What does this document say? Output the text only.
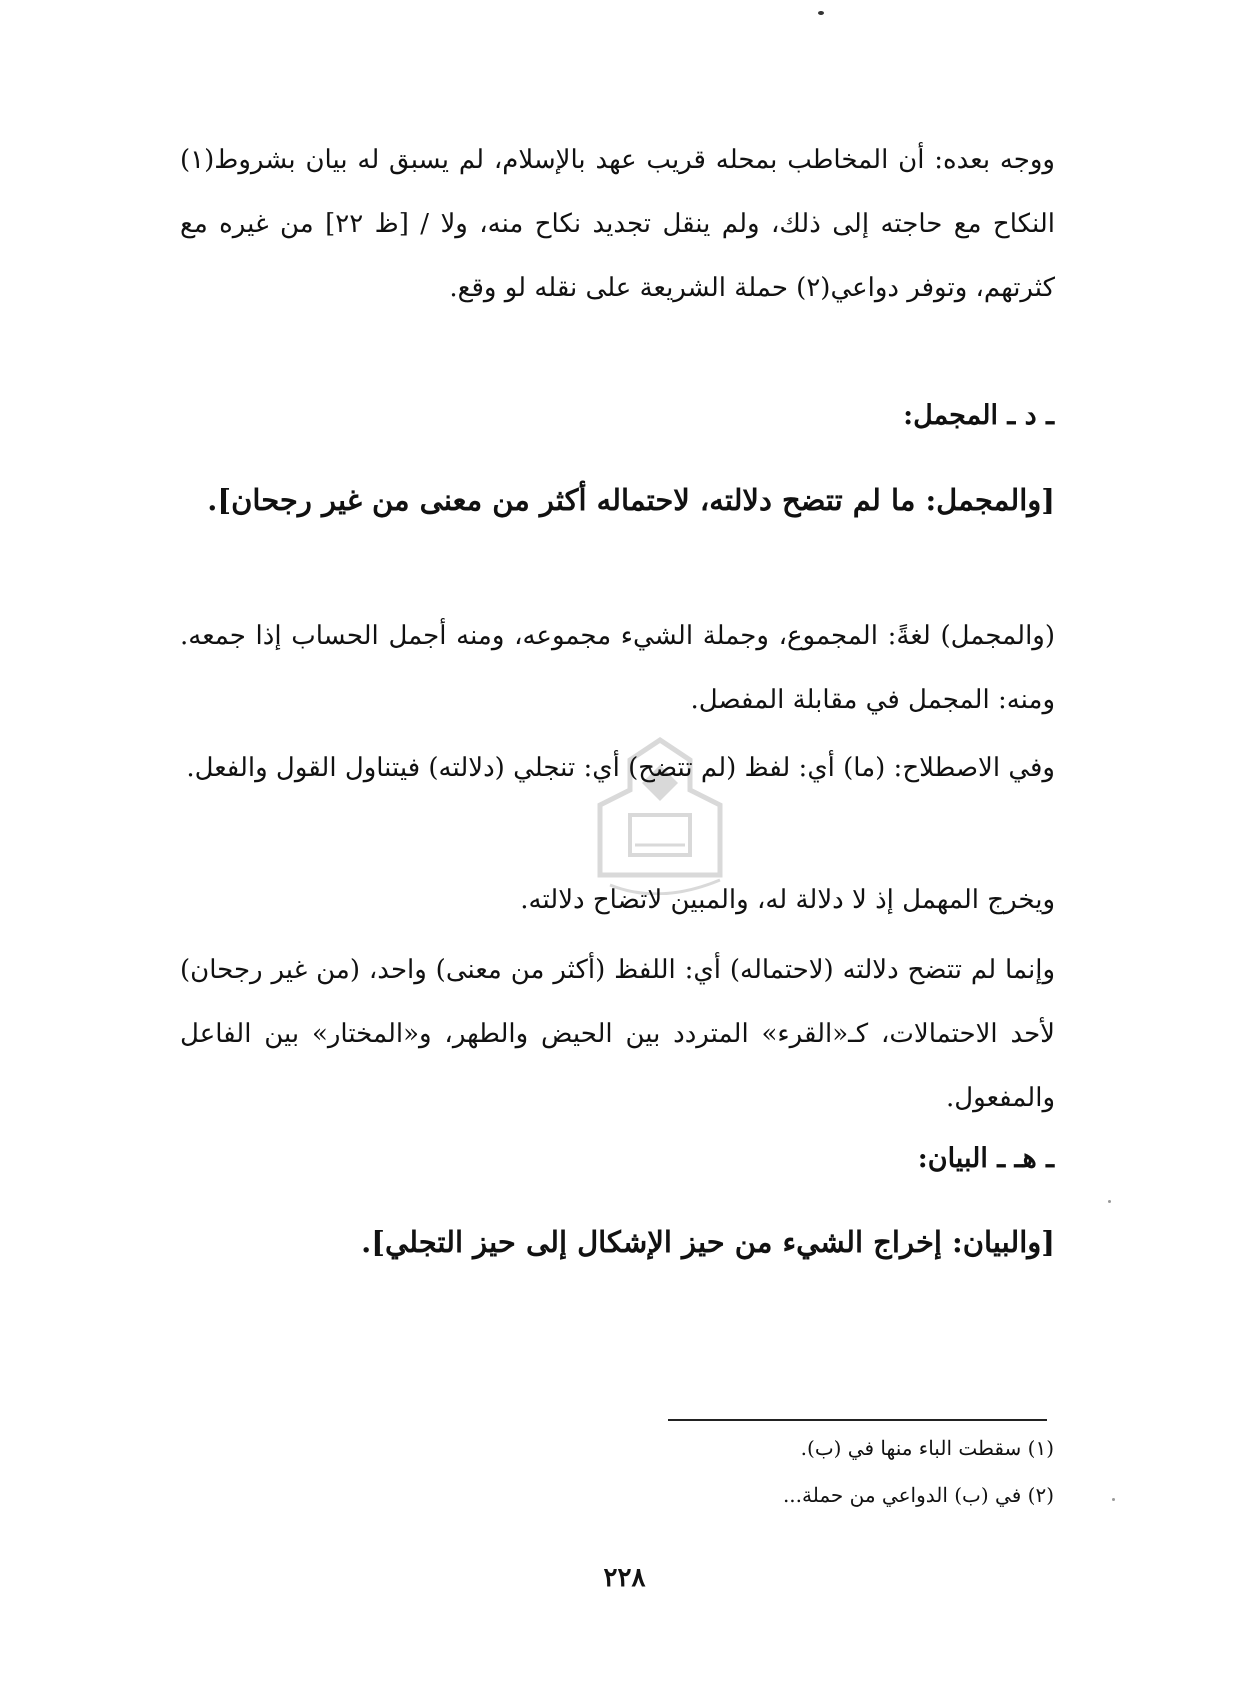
ووجه بعده: أن المخاطب بمحله قريب عهد بالإسلام، لم يسبق له بيان بشروط(١) النكاح مع حاجته إلى ذلك، ولم ينقل تجديد نكاح منه، ولا / [ظ ٢٢] من غيره مع كثرتهم، وتوفر دواعي(٢) حملة الشريعة على نقله لو وقع.

ـ د ـ المجمل:

[والمجمل: ما لم تتضح دلالته، لاحتماله أكثر من معنى من غير رجحان].

(والمجمل) لغةً: المجموع، وجملة الشيء مجموعه، ومنه أجمل الحساب إذا جمعه. ومنه: المجمل في مقابلة المفصل.

وفي الاصطلاح: (ما) أي: لفظ (لم تتضح) أي: تنجلي (دلالته) فيتناول القول والفعل.

ويخرج المهمل إذ لا دلالة له، والمبين لاتضاح دلالته.

وإنما لم تتضح دلالته (لاحتماله) أي: اللفظ (أكثر من معنى) واحد، (من غير رجحان) لأحد الاحتمالات، كـ«القرء» المتردد بين الحيض والطهر، و«المختار» بين الفاعل والمفعول.

ـ هـ ـ البيان:

[والبيان: إخراج الشيء من حيز الإشكال إلى حيز التجلي].

(١) سقطت الباء منها في (ب).
(٢) في (ب) الدواعي من حملة...
٢٢٨
